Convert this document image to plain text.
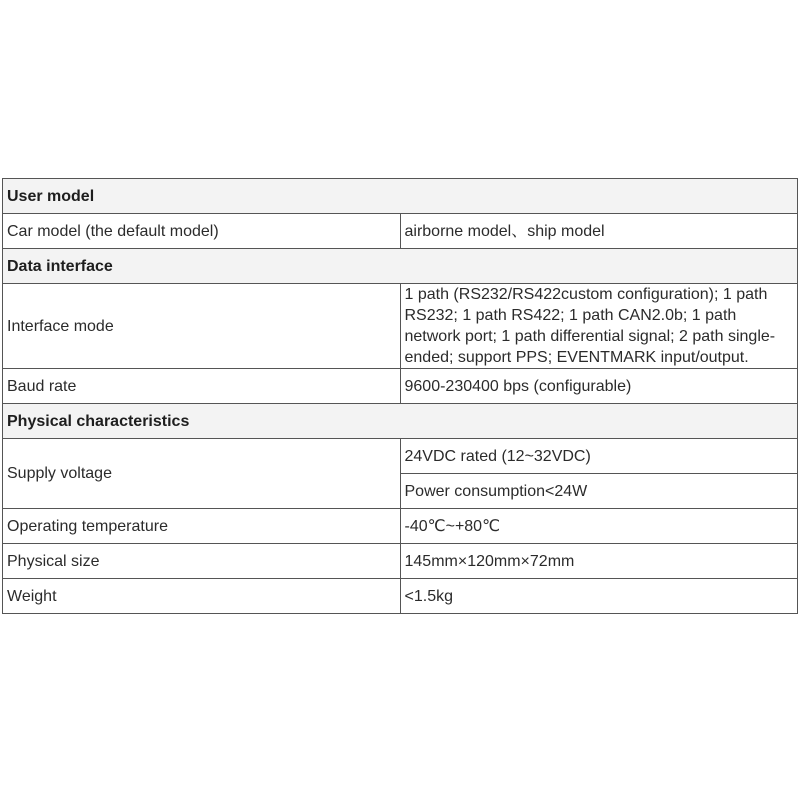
User model	
Car model (the default model)	airborne model、ship model
Data interface	
Interface mode	1 path (RS232/RS422custom configuration); 1 path RS232; 1 path RS422; 1 path CAN2.0b; 1 path network port; 1 path differential signal; 2 path single-ended; support PPS; EVENTMARK input/output.
Baud rate	9600-230400 bps (configurable)
Physical characteristics	
Supply voltage	24VDC rated (12~32VDC)
	Power consumption<24W
Operating temperature	-40℃~+80℃
Physical size	145mm×120mm×72mm
Weight	<1.5kg
